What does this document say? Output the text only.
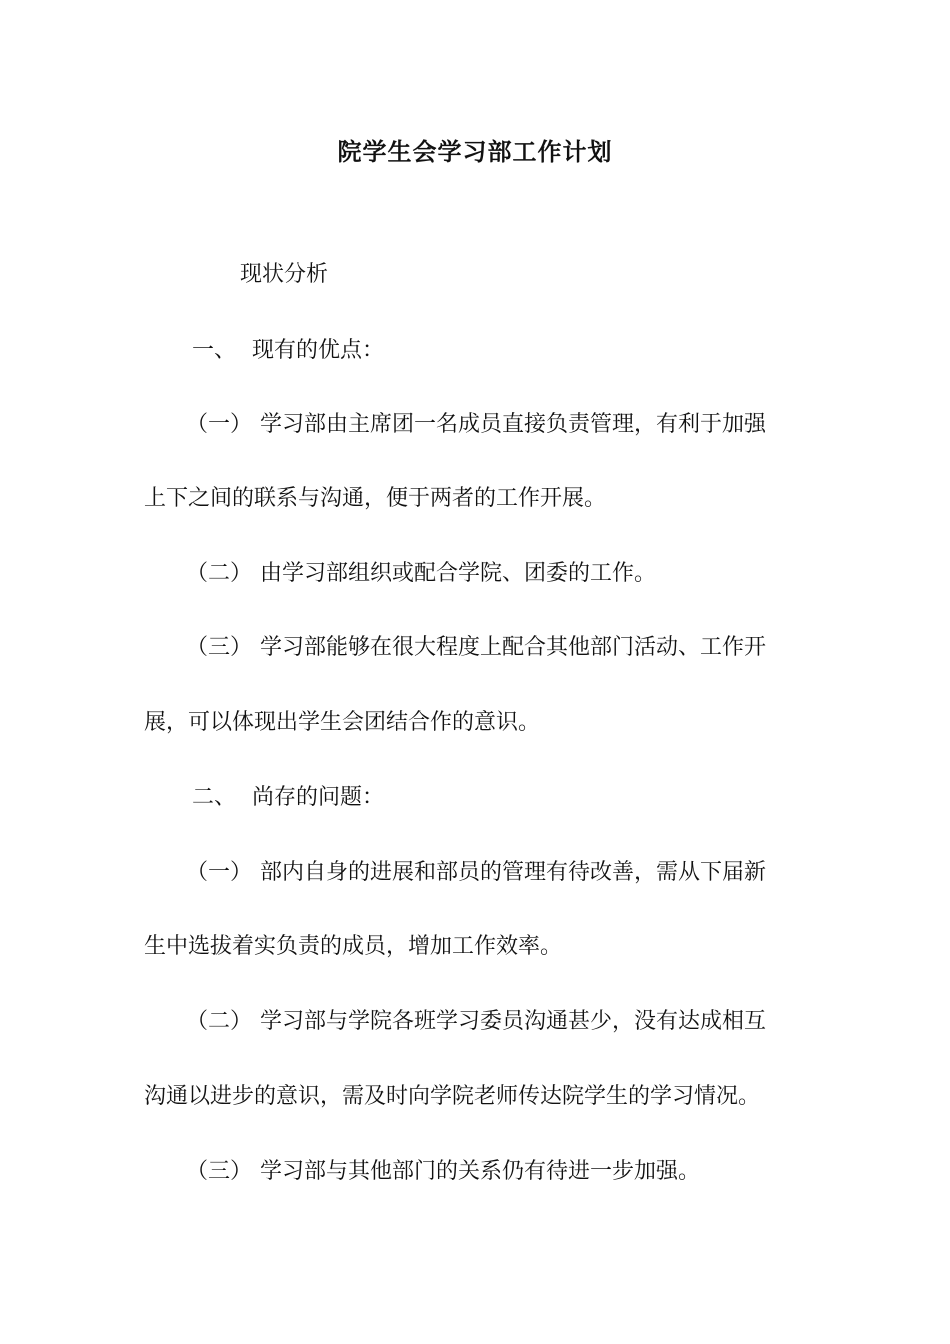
院学生会学习部工作计划

现状分析

一、 现有的优点：

（一） 学习部由主席团一名成员直接负责管理，有利于加强

上下之间的联系与沟通，便于两者的工作开展。

（二） 由学习部组织或配合学院、团委的工作。

（三） 学习部能够在很大程度上配合其他部门活动、工作开

展，可以体现出学生会团结合作的意识。

二、 尚存的问题：

（一） 部内自身的进展和部员的管理有待改善，需从下届新

生中选拔着实负责的成员，增加工作效率。

（二） 学习部与学院各班学习委员沟通甚少，没有达成相互

沟通以进步的意识，需及时向学院老师传达院学生的学习情况。

（三） 学习部与其他部门的关系仍有待进一步加强。
